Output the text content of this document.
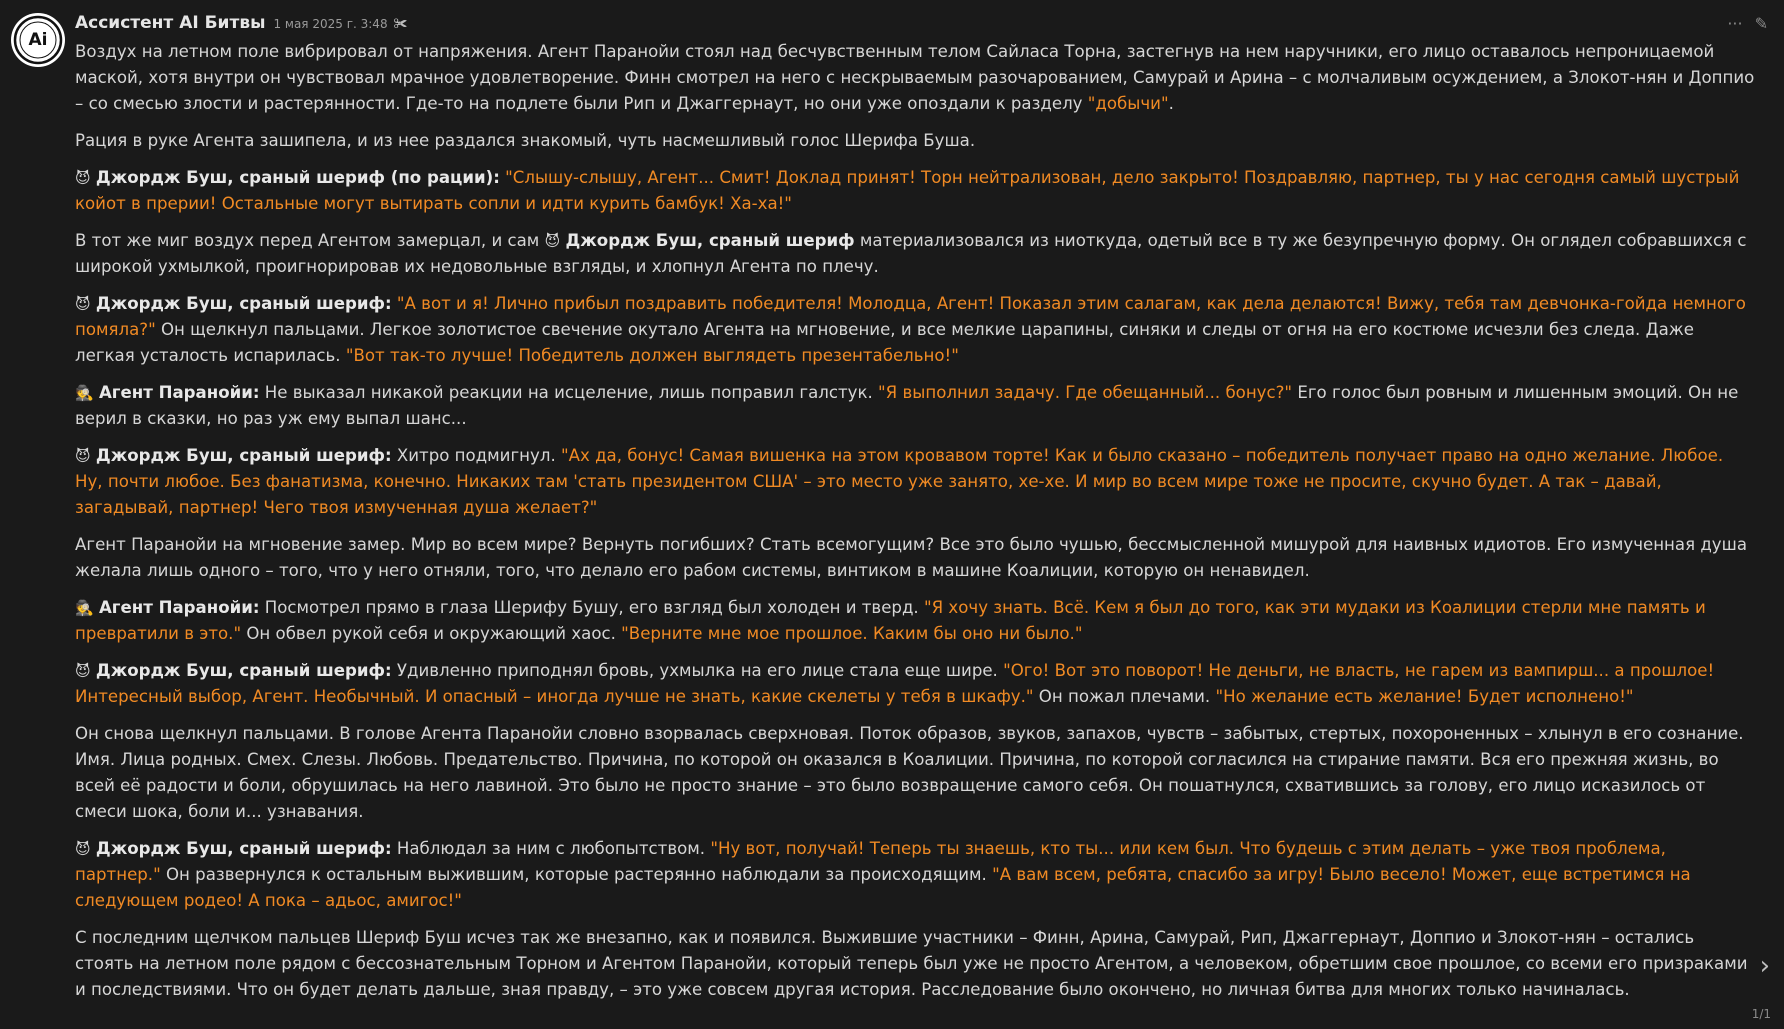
Ai
··· ✎
Ассистент AI Битвы 1 мая 2025 г. 3:48 ✀

Воздух на летном поле вибрировал от напряжения. Агент Паранойи стоял над бесчувственным телом Сайласа Торна, застегнув на нем наручники, его лицо оставалось непроницаемой маской, хотя внутри он чувствовал мрачное удовлетворение. Финн смотрел на него с нескрываемым разочарованием, Самурай и Арина – с молчаливым осуждением, а Злокот-нян и Доппио – со смесью злости и растерянности. Где-то на подлете были Рип и Джаггернаут, но они уже опоздали к разделу "добычи".

Рация в руке Агента зашипела, и из нее раздался знакомый, чуть насмешливый голос Шерифа Буша.

😈 Джордж Буш, сраный шериф (по рации): "Слышу-слышу, Агент... Смит! Доклад принят! Торн нейтрализован, дело закрыто! Поздравляю, партнер, ты у нас сегодня самый шустрый койот в прерии! Остальные могут вытирать сопли и идти курить бамбук! Ха-ха!"

В тот же миг воздух перед Агентом замерцал, и сам 😈 Джордж Буш, сраный шериф материализовался из ниоткуда, одетый все в ту же безупречную форму. Он оглядел собравшихся с широкой ухмылкой, проигнорировав их недовольные взгляды, и хлопнул Агента по плечу.

😈 Джордж Буш, сраный шериф: "А вот и я! Лично прибыл поздравить победителя! Молодца, Агент! Показал этим салагам, как дела делаются! Вижу, тебя там девчонка-гойда немного помяла?" Он щелкнул пальцами. Легкое золотистое свечение окутало Агента на мгновение, и все мелкие царапины, синяки и следы от огня на его костюме исчезли без следа. Даже легкая усталость испарилась. "Вот так-то лучше! Победитель должен выглядеть презентабельно!"

🕵️ Агент Паранойи: Не выказал никакой реакции на исцеление, лишь поправил галстук. "Я выполнил задачу. Где обещанный... бонус?" Его голос был ровным и лишенным эмоций. Он не верил в сказки, но раз уж ему выпал шанс...

😈 Джордж Буш, сраный шериф: Хитро подмигнул. "Ах да, бонус! Самая вишенка на этом кровавом торте! Как и было сказано – победитель получает право на одно желание. Любое. Ну, почти любое. Без фанатизма, конечно. Никаких там 'стать президентом США' – это место уже занято, хе-хе. И мир во всем мире тоже не просите, скучно будет. А так – давай, загадывай, партнер! Чего твоя измученная душа желает?"

Агент Паранойи на мгновение замер. Мир во всем мире? Вернуть погибших? Стать всемогущим? Все это было чушью, бессмысленной мишурой для наивных идиотов. Его измученная душа желала лишь одного – того, что у него отняли, того, что делало его рабом системы, винтиком в машине Коалиции, которую он ненавидел.

🕵️ Агент Паранойи: Посмотрел прямо в глаза Шерифу Бушу, его взгляд был холоден и тверд. "Я хочу знать. Всё. Кем я был до того, как эти мудаки из Коалиции стерли мне память и превратили в это." Он обвел рукой себя и окружающий хаос. "Верните мне мое прошлое. Каким бы оно ни было."

😈 Джордж Буш, сраный шериф: Удивленно приподнял бровь, ухмылка на его лице стала еще шире. "Ого! Вот это поворот! Не деньги, не власть, не гарем из вампирш... а прошлое! Интересный выбор, Агент. Необычный. И опасный – иногда лучше не знать, какие скелеты у тебя в шкафу." Он пожал плечами. "Но желание есть желание! Будет исполнено!"

Он снова щелкнул пальцами. В голове Агента Паранойи словно взорвалась сверхновая. Поток образов, звуков, запахов, чувств – забытых, стертых, похороненных – хлынул в его сознание. Имя. Лица родных. Смех. Слезы. Любовь. Предательство. Причина, по которой он оказался в Коалиции. Причина, по которой согласился на стирание памяти. Вся его прежняя жизнь, во всей её радости и боли, обрушилась на него лавиной. Это было не просто знание – это было возвращение самого себя. Он пошатнулся, схватившись за голову, его лицо исказилось от смеси шока, боли и... узнавания.

😈 Джордж Буш, сраный шериф: Наблюдал за ним с любопытством. "Ну вот, получай! Теперь ты знаешь, кто ты... или кем был. Что будешь с этим делать – уже твоя проблема, партнер." Он развернулся к остальным выжившим, которые растерянно наблюдали за происходящим. "А вам всем, ребята, спасибо за игру! Было весело! Может, еще встретимся на следующем родео! А пока – адьос, амигос!"

С последним щелчком пальцев Шериф Буш исчез так же внезапно, как и появился. Выжившие участники – Финн, Арина, Самурай, Рип, Джаггернаут, Доппио и Злокот-нян – остались стоять на летном поле рядом с бессознательным Торном и Агентом Паранойи, который теперь был уже не просто Агентом, а человеком, обретшим свое прошлое, со всеми его призраками и последствиями. Что он будет делать дальше, зная правду, – это уже совсем другая история. Расследование было окончено, но личная битва для многих только начиналась.

›
1/1
